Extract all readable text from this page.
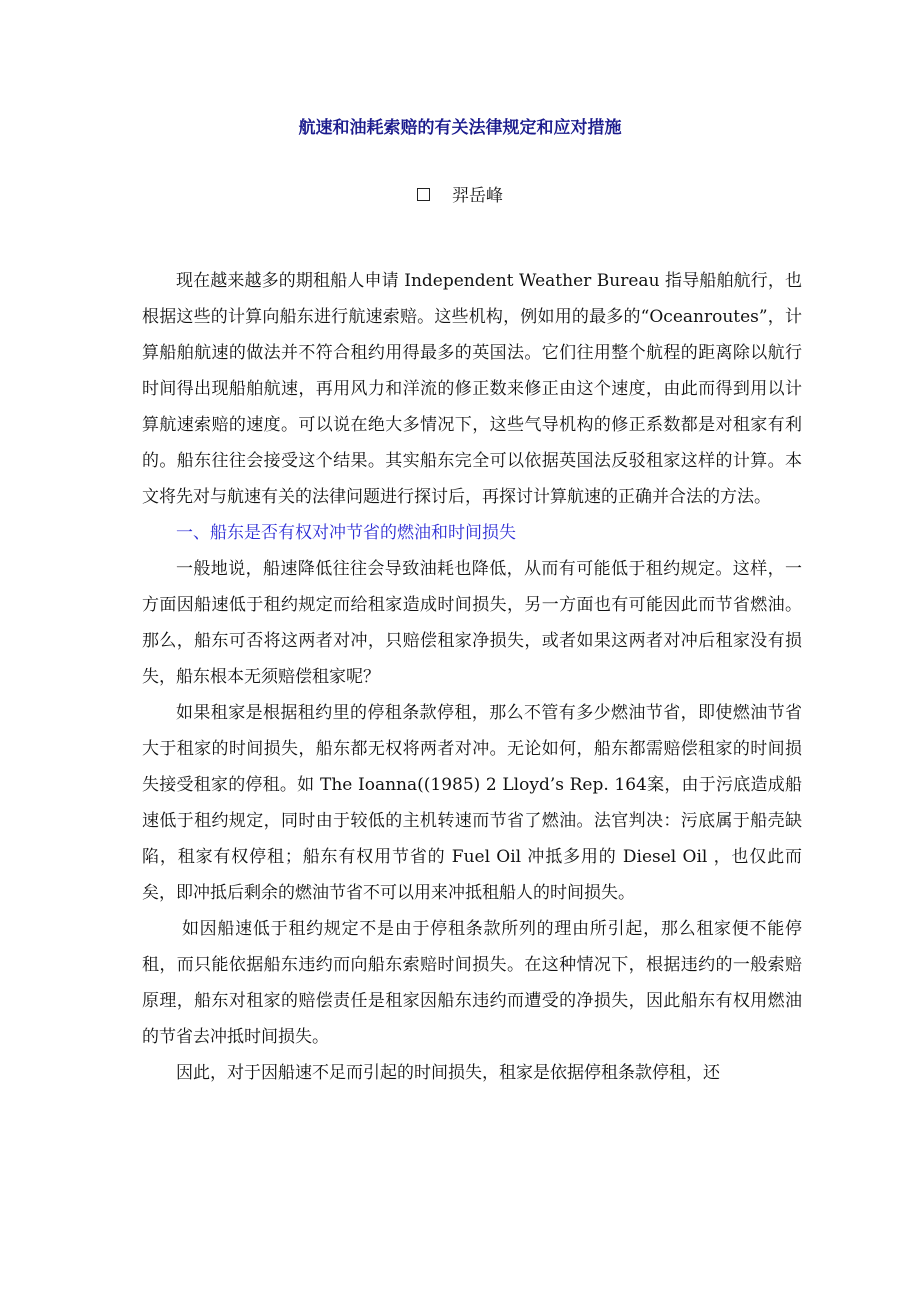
航速和油耗索赔的有关法律规定和应对措施
羿岳峰

现在越来越多的期租船人申请 Independent Weather Bureau 指导船舶航行，也根据这些的计算向船东进行航速索赔。这些机构，例如用的最多的“Oceanroutes”，计算船舶航速的做法并不符合租约用得最多的英国法。它们往用整个航程的距离除以航行时间得出现船舶航速，再用风力和洋流的修正数来修正由这个速度，由此而得到用以计算航速索赔的速度。可以说在绝大多情况下，这些气导机构的修正系数都是对租家有利的。船东往往会接受这个结果。其实船东完全可以依据英国法反驳租家这样的计算。本文将先对与航速有关的法律问题进行探讨后，再探讨计算航速的正确并合法的方法。

一、船东是否有权对冲节省的燃油和时间损失

一般地说，船速降低往往会导致油耗也降低，从而有可能低于租约规定。这样，一方面因船速低于租约规定而给租家造成时间损失，另一方面也有可能因此而节省燃油。那么，船东可否将这两者对冲，只赔偿租家净损失，或者如果这两者对冲后租家没有损失，船东根本无须赔偿租家呢？

如果租家是根据租约里的停租条款停租，那么不管有多少燃油节省，即使燃油节省大于租家的时间损失，船东都无权将两者对冲。无论如何，船东都需赔偿租家的时间损失接受租家的停租。如 The Ioanna((1985) 2 Lloyd’s Rep. 164案，由于污底造成船速低于租约规定，同时由于较低的主机转速而节省了燃油。法官判决：污底属于船壳缺陷，租家有权停租；船东有权用节省的 Fuel Oil 冲抵多用的 Diesel Oil ，也仅此而矣，即冲抵后剩余的燃油节省不可以用来冲抵租船人的时间损失。

如因船速低于租约规定不是由于停租条款所列的理由所引起，那么租家便不能停租，而只能依据船东违约而向船东索赔时间损失。在这种情况下，根据违约的一般索赔原理，船东对租家的赔偿责任是租家因船东违约而遭受的净损失，因此船东有权用燃油的节省去冲抵时间损失。

因此，对于因船速不足而引起的时间损失，租家是依据停租条款停租，还
